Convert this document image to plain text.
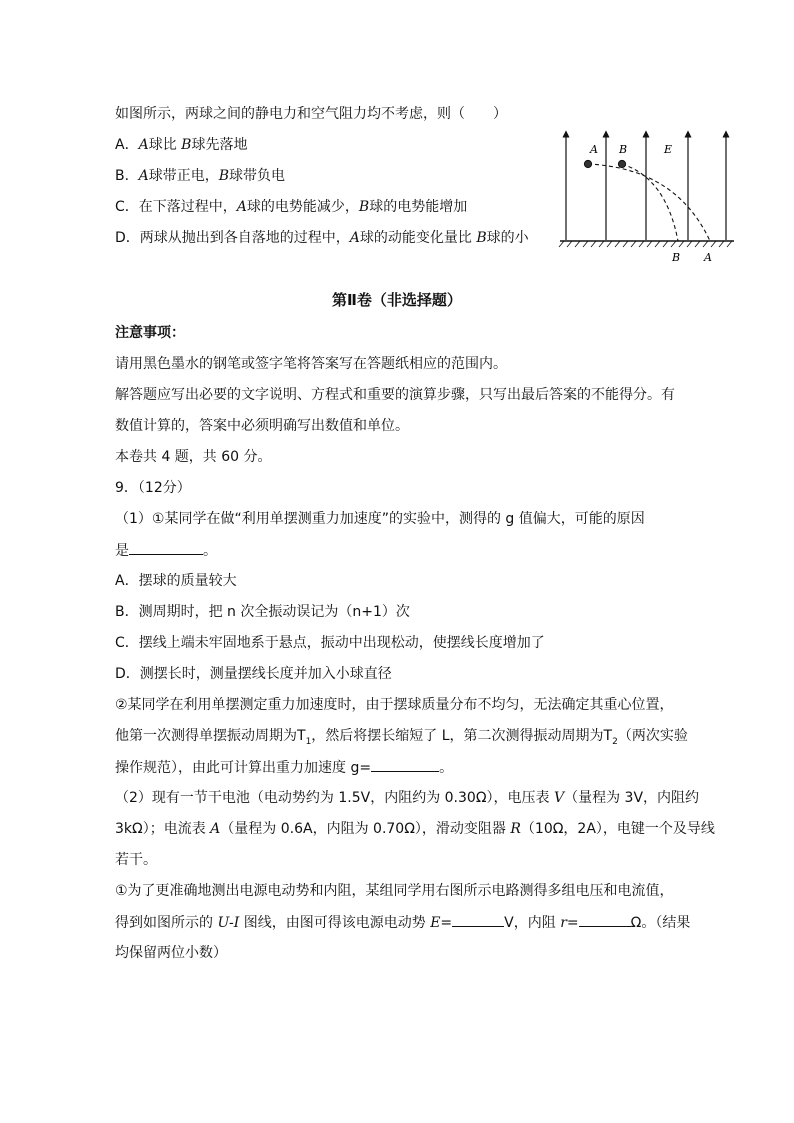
如图所示，两球之间的静电力和空气阻力均不考虑，则（　　）
A．A球比 B球先落地
B．A球带正电，B球带负电
C．在下落过程中，A球的电势能减少，B球的电势能增加
D．两球从抛出到各自落地的过程中，A球的动能变化量比 B球的小
A B	E
B A
第Ⅱ卷（非选择题）
注意事项：
请用黑色墨水的钢笔或签字笔将答案写在答题纸相应的范围内。
解答题应写出必要的文字说明、方程式和重要的演算步骤，只写出最后答案的不能得分。有
数值计算的，答案中必须明确写出数值和单位。
本卷共 4 题，共 60 分。
9．（12分）
（1）①某同学在做“利用单摆测重力加速度”的实验中，测得的 g 值偏大，可能的原因
是	。
A．摆球的质量较大
B．测周期时，把 n 次全振动误记为（n+1）次
C．摆线上端未牢固地系于悬点，振动中出现松动，使摆线长度增加了
D．测摆长时，测量摆线长度并加入小球直径
②某同学在利用单摆测定重力加速度时，由于摆球质量分布不均匀，无法确定其重心位置，
他第一次测得单摆振动周期为$T_1$，然后将摆长缩短了 L，第二次测得振动周期为$T_2$（两次实验
操作规范），由此可计算出重力加速度 g=	。
（2）现有一节干电池（电动势约为 1.5V，内阻约为 0.30Ω），电压表 V（量程为 3V，内阻约
3kΩ）；电流表 A（量程为 0.6A，内阻为 0.70Ω），滑动变阻器 R（10Ω，2A），电键一个及导线
若干。
①为了更准确地测出电源电动势和内阻，某组同学用右图所示电路测得多组电压和电流值，
得到如图所示的 U-I 图线，由图可得该电源电动势 E=	V，内阻 r=	Ω。（结果
均保留两位小数）
